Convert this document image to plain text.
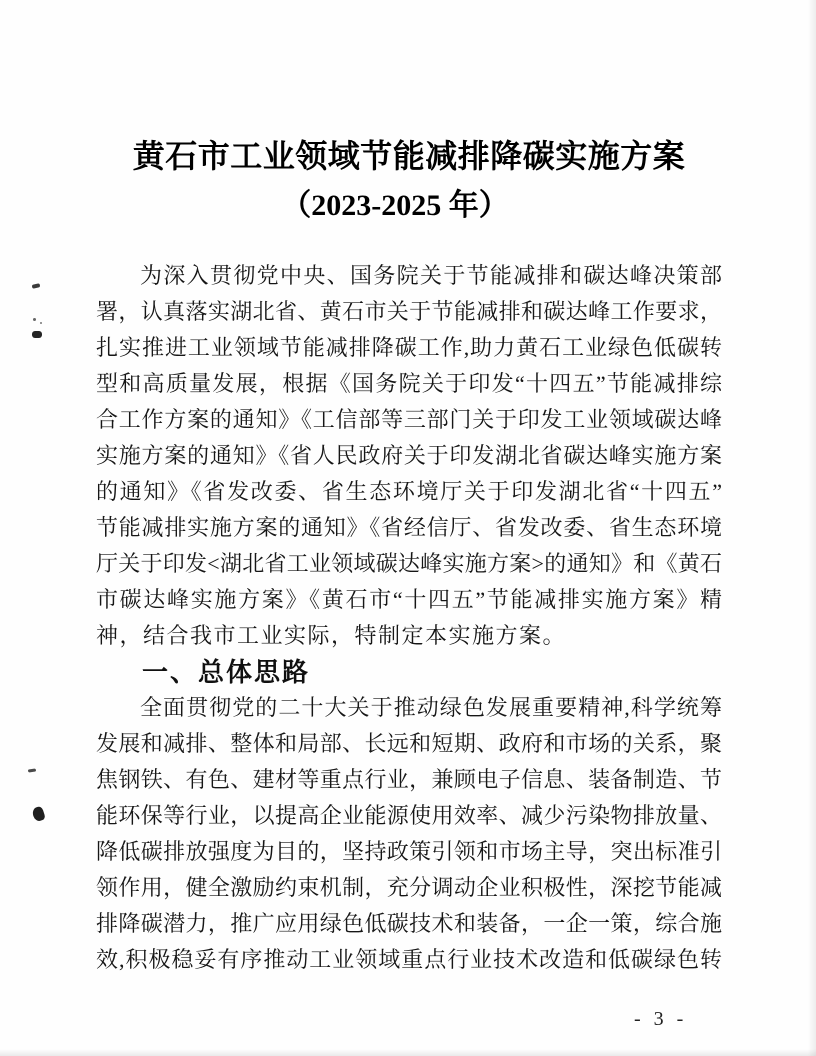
黄石市工业领域节能减排降碳实施方案
（2023-2025 年）
为深入贯彻党中央、国务院关于节能减排和碳达峰决策部
署，认真落实湖北省、黄石市关于节能减排和碳达峰工作要求，
扎实推进工业领域节能减排降碳工作,助力黄石工业绿色低碳转
型和高质量发展，根据《国务院关于印发“十四五”节能减排综
合工作方案的通知》《工信部等三部门关于印发工业领域碳达峰
实施方案的通知》《省人民政府关于印发湖北省碳达峰实施方案
的通知》《省发改委、省生态环境厅关于印发湖北省“十四五”
节能减排实施方案的通知》《省经信厅、省发改委、省生态环境
厅关于印发<湖北省工业领域碳达峰实施方案>的通知》和《黄石
市碳达峰实施方案》《黄石市“十四五”节能减排实施方案》精
神，结合我市工业实际，特制定本实施方案。
一、总体思路
全面贯彻党的二十大关于推动绿色发展重要精神,科学统筹
发展和减排、整体和局部、长远和短期、政府和市场的关系，聚
焦钢铁、有色、建材等重点行业，兼顾电子信息、装备制造、节
能环保等行业，以提高企业能源使用效率、减少污染物排放量、
降低碳排放强度为目的，坚持政策引领和市场主导，突出标准引
领作用，健全激励约束机制，充分调动企业积极性，深挖节能减
排降碳潜力，推广应用绿色低碳技术和装备，一企一策，综合施
效,积极稳妥有序推动工业领域重点行业技术改造和低碳绿色转
- 3 -
